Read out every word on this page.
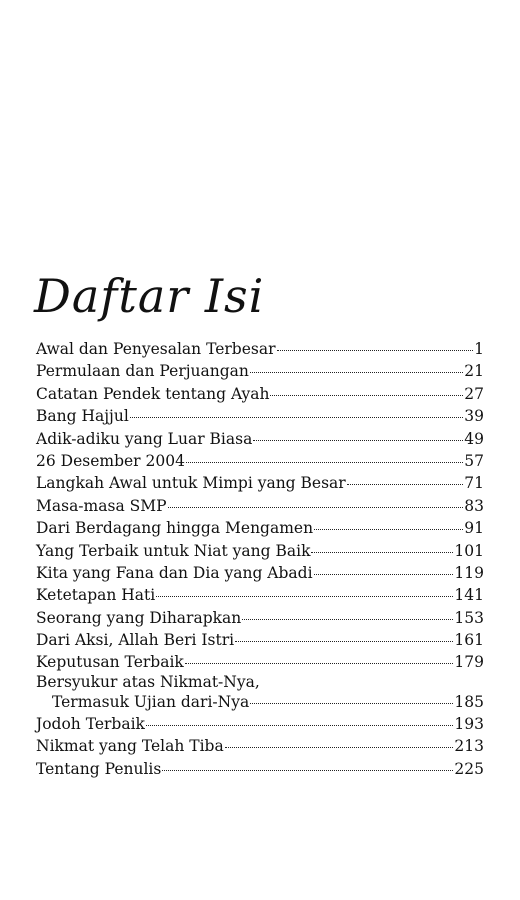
Daftar Isi
Awal dan Penyesalan Terbesar	1
Permulaan dan Perjuangan	21
Catatan Pendek tentang Ayah	27
Bang Hajjul	39
Adik-adiku yang Luar Biasa	49
26 Desember 2004	57
Langkah Awal untuk Mimpi yang Besar	71
Masa-masa SMP	83
Dari Berdagang hingga Mengamen	91
Yang Terbaik untuk Niat yang Baik	101
Kita yang Fana dan Dia yang Abadi	119
Ketetapan Hati	141
Seorang yang Diharapkan	153
Dari Aksi, Allah Beri Istri	161
Keputusan Terbaik	179
Bersyukur atas Nikmat-Nya,
Termasuk Ujian dari-Nya	185
Jodoh Terbaik	193
Nikmat yang Telah Tiba	213
Tentang Penulis	225
